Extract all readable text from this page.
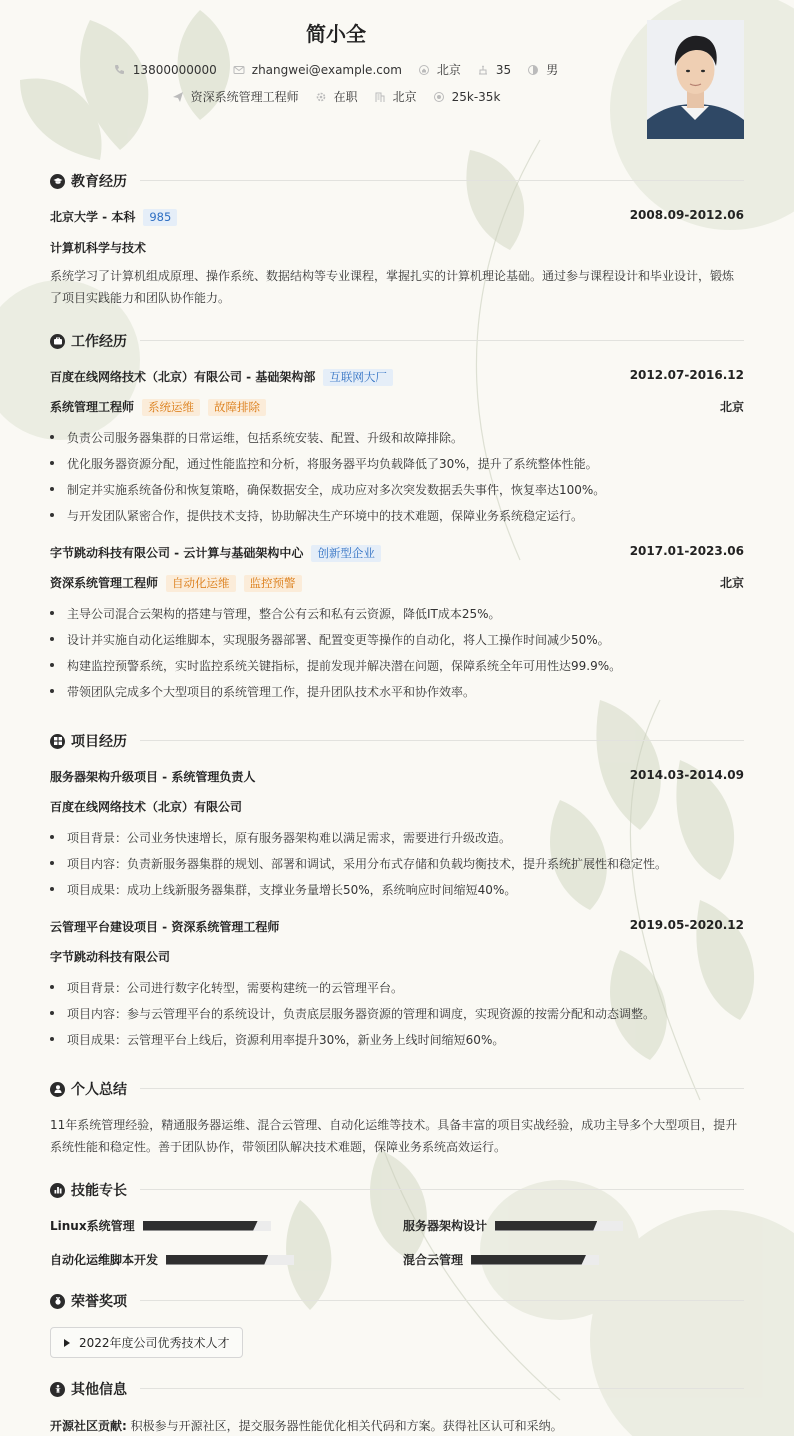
简小全
13800000000	zhangwei@example.com	北京	35	男
资深系统管理工程师	在职	北京	25k-35k
教育经历
北京大学 - 本科 985	2008.09-2012.06
计算机科学与技术
系统学习了计算机组成原理、操作系统、数据结构等专业课程，掌握扎实的计算机理论基础。通过参与课程设计和毕业设计，锻炼
了项目实践能力和团队协作能力。
工作经历
百度在线网络技术（北京）有限公司 - 基础架构部 互联网大厂	2012.07-2016.12
系统管理工程师 系统运维 故障排除	北京
负责公司服务器集群的日常运维，包括系统安装、配置、升级和故障排除。
优化服务器资源分配，通过性能监控和分析，将服务器平均负载降低了30%，提升了系统整体性能。
制定并实施系统备份和恢复策略，确保数据安全，成功应对多次突发数据丢失事件，恢复率达100%。
与开发团队紧密合作，提供技术支持，协助解决生产环境中的技术难题，保障业务系统稳定运行。
字节跳动科技有限公司 - 云计算与基础架构中心 创新型企业	2017.01-2023.06
资深系统管理工程师 自动化运维 监控预警	北京
主导公司混合云架构的搭建与管理，整合公有云和私有云资源，降低IT成本25%。
设计并实施自动化运维脚本，实现服务器部署、配置变更等操作的自动化，将人工操作时间减少50%。
构建监控预警系统，实时监控系统关键指标，提前发现并解决潜在问题，保障系统全年可用性达99.9%。
带领团队完成多个大型项目的系统管理工作，提升团队技术水平和协作效率。
项目经历
服务器架构升级项目 - 系统管理负责人	2014.03-2014.09
百度在线网络技术（北京）有限公司
项目背景：公司业务快速增长，原有服务器架构难以满足需求，需要进行升级改造。
项目内容：负责新服务器集群的规划、部署和调试，采用分布式存储和负载均衡技术，提升系统扩展性和稳定性。
项目成果：成功上线新服务器集群，支撑业务量增长50%，系统响应时间缩短40%。
云管理平台建设项目 - 资深系统管理工程师	2019.05-2020.12
字节跳动科技有限公司
项目背景：公司进行数字化转型，需要构建统一的云管理平台。
项目内容：参与云管理平台的系统设计，负责底层服务器资源的管理和调度，实现资源的按需分配和动态调整。
项目成果：云管理平台上线后，资源利用率提升30%，新业务上线时间缩短60%。
个人总结
11年系统管理经验，精通服务器运维、混合云管理、自动化运维等技术。具备丰富的项目实战经验，成功主导多个大型项目，提升
系统性能和稳定性。善于团队协作，带领团队解决技术难题，保障业务系统高效运行。
技能专长
Linux系统管理	服务器架构设计
自动化运维脚本开发	混合云管理
荣誉奖项
2022年度公司优秀技术人才
其他信息
开源社区贡献: 积极参与开源社区，提交服务器性能优化相关代码和方案。获得社区认可和采纳。
